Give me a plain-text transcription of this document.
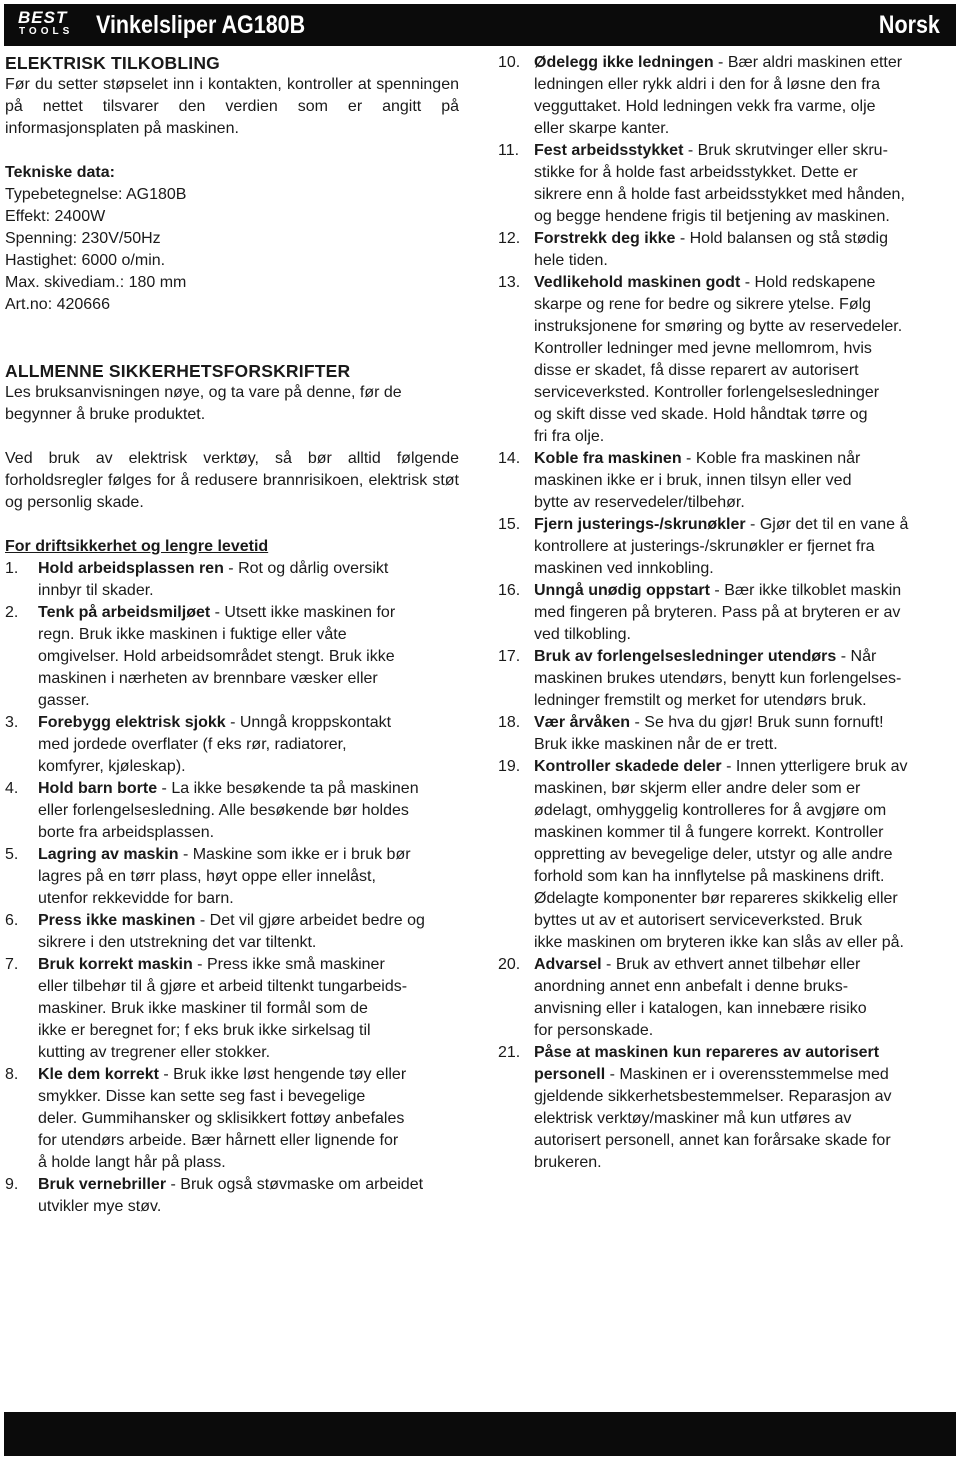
BEST
TOOLS Vinkelsliper AG180B	Norsk

ELEKTRISK TILKOBLING

Før du setter støpselet inn i kontakten, kontroller at spenningen på nettet tilsvarer den verdien som er angitt på informasjonsplaten på maskinen.

Tekniske data:

Typebetegnelse: AG180B

Effekt: 2400W

Spenning: 230V/50Hz

Hastighet: 6000 o/min.

Max. skivediam.: 180 mm

Art.no: 420666

ALLMENNE SIKKERHETSFORSKRIFTER

Les bruksanvisningen nøye, og ta vare på denne, før de begynner å bruke produktet.

Ved bruk av elektrisk verktøy, så bør alltid følgende forholdsregler følges for å redusere brannrisikoen, elektrisk støt og personlig skade.

For driftsikkerhet og lengre levetid

1. Hold arbeidsplassen ren - Rot og dårlig oversikt
innbyr til skader.
2. Tenk på arbeidsmiljøet - Utsett ikke maskinen for
regn. Bruk ikke maskinen i fuktige eller våte
omgivelser. Hold arbeidsområdet stengt. Bruk ikke
maskinen i nærheten av brennbare væsker eller
gasser.
3. Forebygg elektrisk sjokk - Unngå kroppskontakt
med jordede overflater (f eks rør, radiatorer,
komfyrer, kjøleskap).
4. Hold barn borte - La ikke besøkende ta på maskinen
eller forlengelsesledning. Alle besøkende bør holdes
borte fra arbeidsplassen.
5. Lagring av maskin - Maskine som ikke er i bruk bør
lagres på en tørr plass, høyt oppe eller innelåst,
utenfor rekkevidde for barn.
6. Press ikke maskinen - Det vil gjøre arbeidet bedre og
sikrere i den utstrekning det var tiltenkt.
7. Bruk korrekt maskin - Press ikke små maskiner
eller tilbehør til å gjøre et arbeid tiltenkt tungarbeids-
maskiner. Bruk ikke maskiner til formål som de
ikke er beregnet for; f eks bruk ikke sirkelsag til
kutting av tregrener eller stokker.
8. Kle dem korrekt - Bruk ikke løst hengende tøy eller
smykker. Disse kan sette seg fast i bevegelige
deler. Gummihansker og sklisikkert fottøy anbefales
for utendørs arbeide. Bær hårnett eller lignende for
å holde langt hår på plass.
9. Bruk vernebriller - Bruk også støvmaske om arbeidet
utvikler mye støv.
10. Ødelegg ikke ledningen - Bær aldri maskinen etter
ledningen eller rykk aldri i den for å løsne den fra
vegguttaket. Hold ledningen vekk fra varme, olje
eller skarpe kanter.
11. Fest arbeidsstykket - Bruk skrutvinger eller skru-
stikke for å holde fast arbeidsstykket. Dette er
sikrere enn å holde fast arbeidsstykket med hånden,
og begge hendene frigis til betjening av maskinen.
12. Forstrekk deg ikke - Hold balansen og stå stødig
hele tiden.
13. Vedlikehold maskinen godt - Hold redskapene
skarpe og rene for bedre og sikrere ytelse. Følg
instruksjonene for smøring og bytte av reservedeler.
Kontroller ledninger med jevne mellomrom, hvis
disse er skadet, få disse reparert av autorisert
serviceverksted. Kontroller forlengelsesledninger
og skift disse ved skade. Hold håndtak tørre og
fri fra olje.
14. Koble fra maskinen - Koble fra maskinen når
maskinen ikke er i bruk, innen tilsyn eller ved
bytte av reservedeler/tilbehør.
15. Fjern justerings-/skrunøkler - Gjør det til en vane å
kontrollere at justerings-/skrunøkler er fjernet fra
maskinen ved innkobling.
16. Unngå unødig oppstart - Bær ikke tilkoblet maskin
med fingeren på bryteren. Pass på at bryteren er av
ved tilkobling.
17. Bruk av forlengelsesledninger utendørs - Når
maskinen brukes utendørs, benytt kun forlengelses-
ledninger fremstilt og merket for utendørs bruk.
18. Vær årvåken - Se hva du gjør! Bruk sunn fornuft!
Bruk ikke maskinen når de er trett.
19. Kontroller skadede deler - Innen ytterligere bruk av
maskinen, bør skjerm eller andre deler som er
ødelagt, omhyggelig kontrolleres for å avgjøre om
maskinen kommer til å fungere korrekt. Kontroller
oppretting av bevegelige deler, utstyr og alle andre
forhold som kan ha innflytelse på maskinens drift.
Ødelagte komponenter bør repareres skikkelig eller
byttes ut av et autorisert serviceverksted. Bruk
ikke maskinen om bryteren ikke kan slås av eller på.
20. Advarsel - Bruk av ethvert annet tilbehør eller
anordning annet enn anbefalt i denne bruks-
anvisning eller i katalogen, kan innebære risiko
for personskade.
21. Påse at maskinen kun repareres av autorisert
personell - Maskinen er i overensstemmelse med
gjeldende sikkerhetsbestemmelser. Reparasjon av
elektrisk verktøy/maskiner må kun utføres av
autorisert personell, annet kan forårsake skade for
brukeren.
